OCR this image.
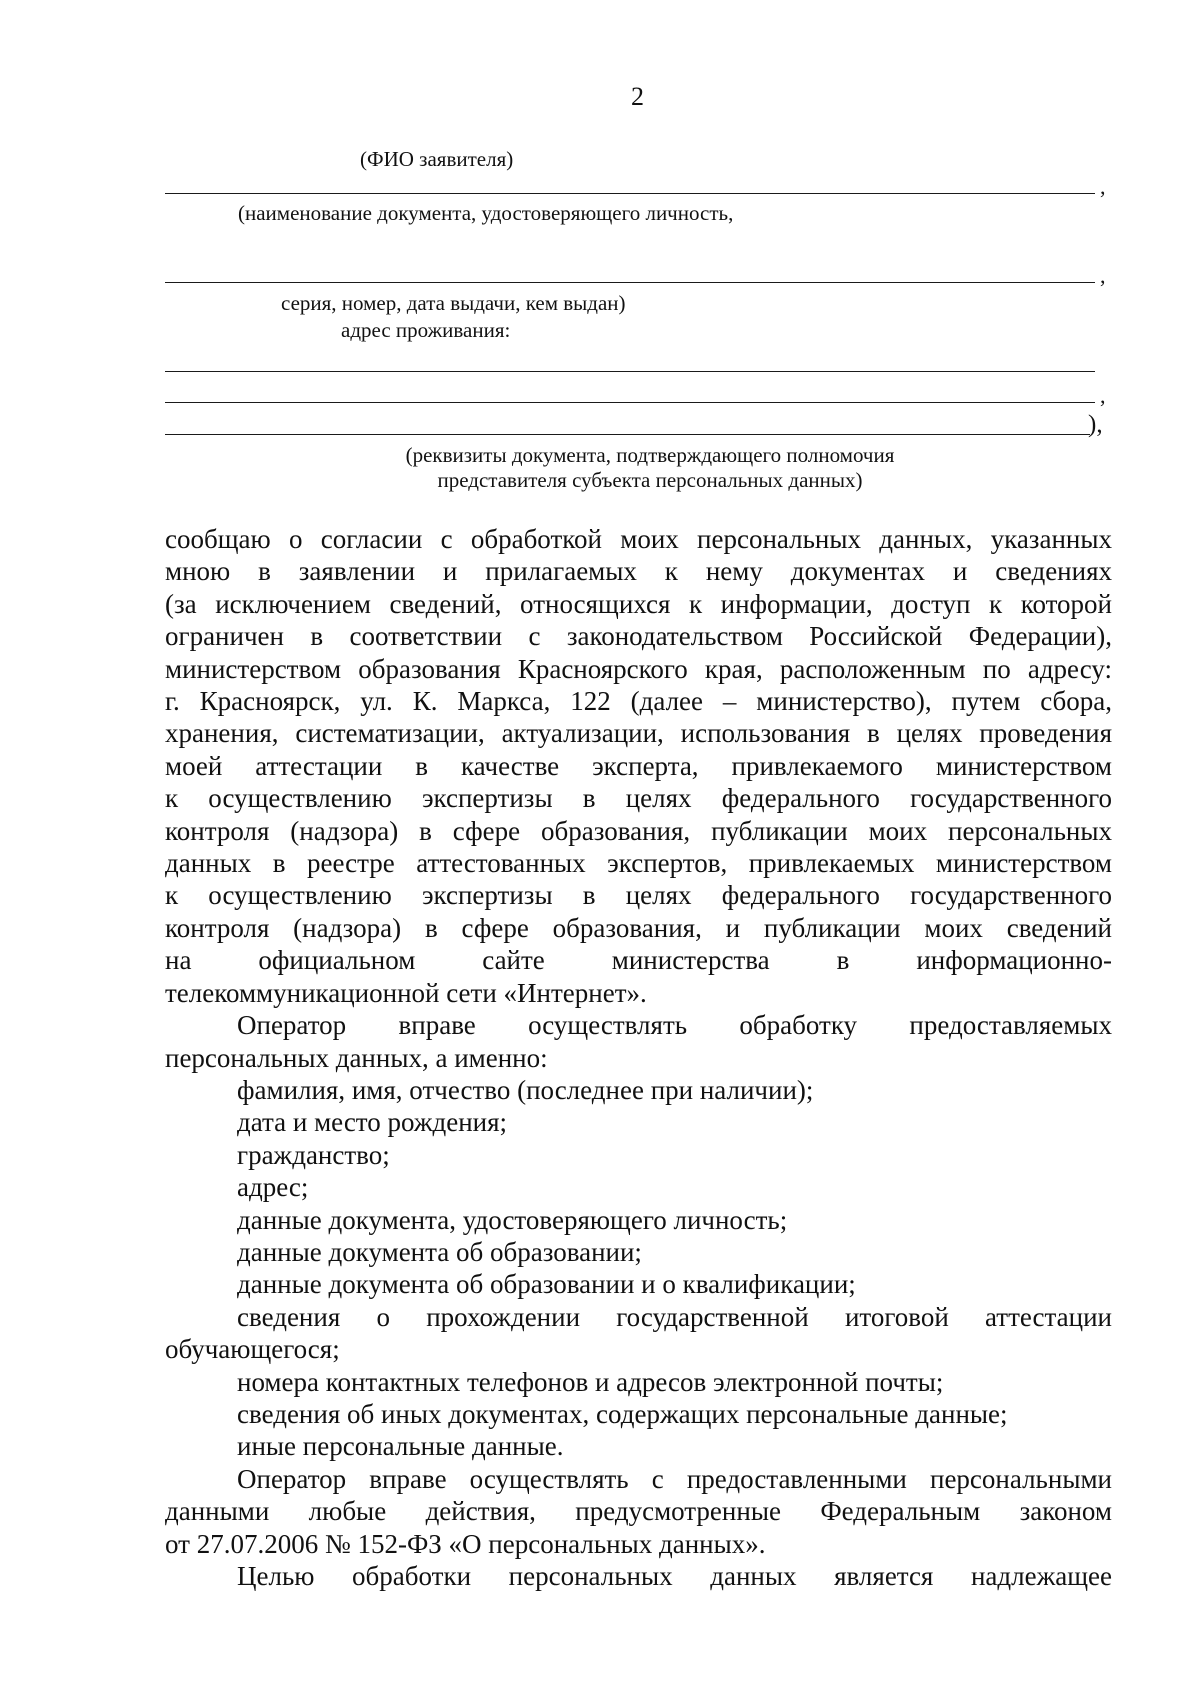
2
(ФИО заявителя)
,
(наименование документа, удостоверяющего личность,
,
серия, номер, дата выдачи, кем выдан)
адрес проживания:
,
),
(реквизиты документа, подтверждающего полномочия
представителя субъекта персональных данных)

сообщаю о согласии с обработкой моих персональных данных, указанных

мною в заявлении и прилагаемых к нему документах и сведениях

(за исключением сведений, относящихся к информации, доступ к которой

ограничен в соответствии с законодательством Российской Федерации),

министерством образования Красноярского края, расположенным по адресу:

г. Красноярск, ул. К. Маркса, 122 (далее – министерство), путем сбора,

хранения, систематизации, актуализации, использования в целях проведения

моей аттестации в качестве эксперта, привлекаемого министерством

к осуществлению экспертизы в целях федерального государственного

контроля (надзора) в сфере образования, публикации моих персональных

данных в реестре аттестованных экспертов, привлекаемых министерством

к осуществлению экспертизы в целях федерального государственного

контроля (надзора) в сфере образования, и публикации моих сведений

на официальном сайте министерства в информационно-

телекоммуникационной сети «Интернет».

Оператор вправе осуществлять обработку предоставляемых

персональных данных, а именно:

фамилия, имя, отчество (последнее при наличии);

дата и место рождения;

гражданство;

адрес;

данные документа, удостоверяющего личность;

данные документа об образовании;

данные документа об образовании и о квалификации;

сведения о прохождении государственной итоговой аттестации

обучающегося;

номера контактных телефонов и адресов электронной почты;

сведения об иных документах, содержащих персональные данные;

иные персональные данные.

Оператор вправе осуществлять с предоставленными персональными

данными любые действия, предусмотренные Федеральным законом

от 27.07.2006 № 152-ФЗ «О персональных данных».

Целью обработки персональных данных является надлежащее
